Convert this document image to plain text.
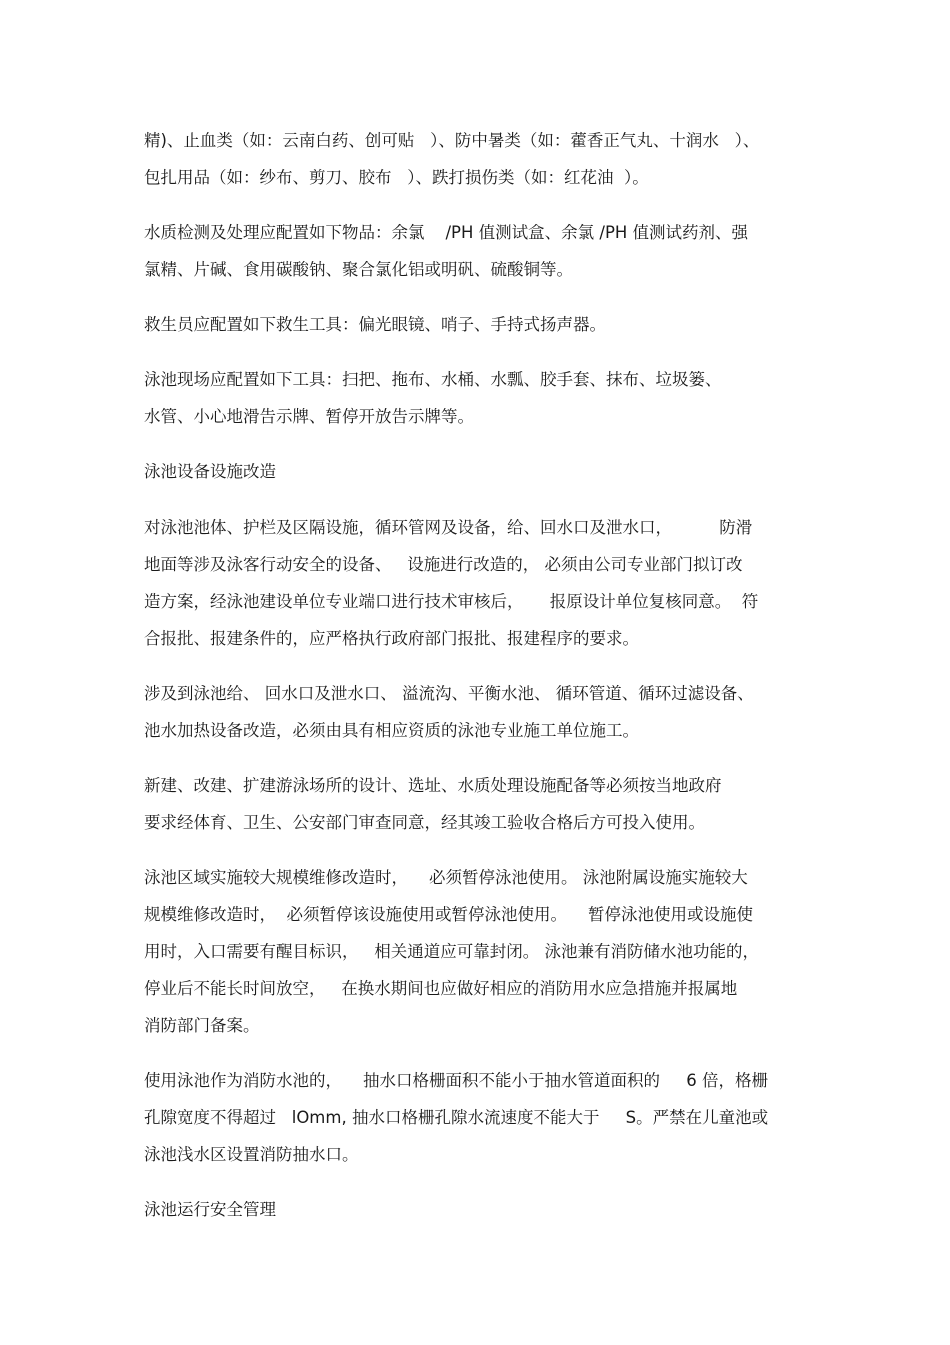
精)、止血类（如：云南白药、创可贴   ）、防中暑类（如：藿香正气丸、十润水   ）、
包扎用品（如：纱布、剪刀、胶布   ）、跌打损伤类（如：红花油  ）。
水质检测及处理应配置如下物品：余氯    /PH 值测试盒、余氯 /PH 值测试药剂、强
氯精、片碱、食用碳酸钠、聚合氯化铝或明矾、硫酸铜等。
救生员应配置如下救生工具：偏光眼镜、哨子、手持式扬声器。
泳池现场应配置如下工具：扫把、拖布、水桶、水瓢、胶手套、抹布、垃圾篓、
水管、小心地滑告示牌、暂停开放告示牌等。
泳池设备设施改造
对泳池池体、护栏及区隔设施，循环管网及设备，给、回水口及泄水口，         防滑
地面等涉及泳客行动安全的设备、   设施进行改造的， 必须由公司专业部门拟订改
造方案，经泳池建设单位专业端口进行技术审核后，     报原设计单位复核同意。  符
合报批、报建条件的，应严格执行政府部门报批、报建程序的要求。
涉及到泳池给、 回水口及泄水口、 溢流沟、平衡水池、 循环管道、循环过滤设备、
池水加热设备改造，必须由具有相应资质的泳池专业施工单位施工。
新建、改建、扩建游泳场所的设计、选址、水质处理设施配备等必须按当地政府
要求经体育、卫生、公安部门审查同意，经其竣工验收合格后方可投入使用。
泳池区域实施较大规模维修改造时，    必须暂停泳池使用。 泳池附属设施实施较大
规模维修改造时，  必须暂停该设施使用或暂停泳池使用。    暂停泳池使用或设施使
用时，入口需要有醒目标识，   相关通道应可靠封闭。 泳池兼有消防储水池功能的，
停业后不能长时间放空，   在换水期间也应做好相应的消防用水应急措施并报属地
消防部门备案。
使用泳池作为消防水池的，    抽水口格栅面积不能小于抽水管道面积的     6 倍，格栅
孔隙宽度不得超过   lOmm, 抽水口格栅孔隙水流速度不能大于     S。严禁在儿童池或
泳池浅水区设置消防抽水口。
泳池运行安全管理
